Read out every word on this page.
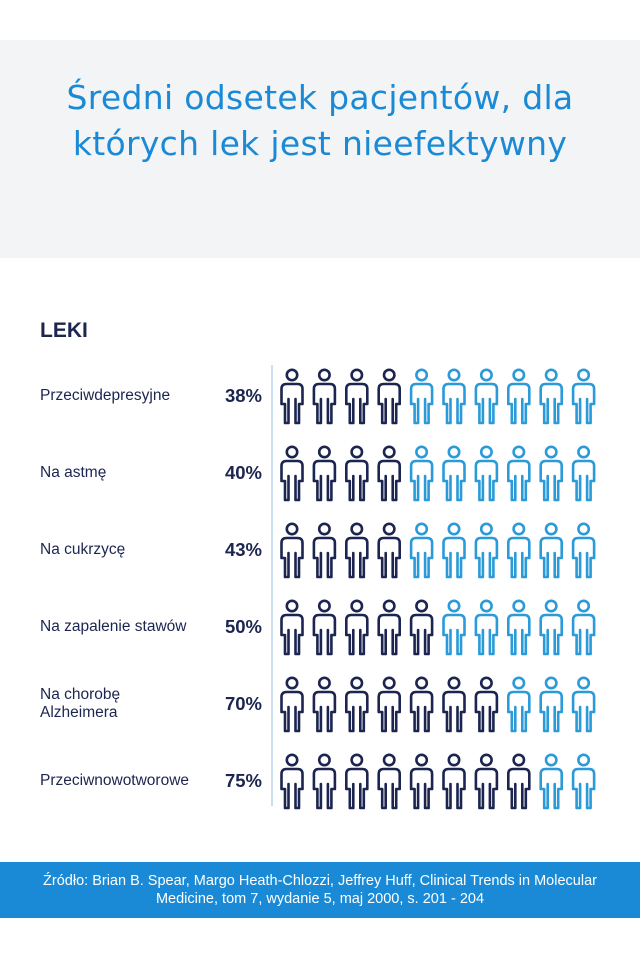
Średni odsetek pacjentów, dla których lek jest nieefektywny
LEKI
Przeciwdepresyjne	38%
Na astmę	40%
Na cukrzycę	43%
Na zapalenie stawów 50%
Na chorobę
Alzheimera	70%
Przeciwnowotworowe 75%
Źródło: Brian B. Spear, Margo Heath-Chlozzi, Jeffrey Huff, Clinical Trends in Molecular Medicine, tom 7, wydanie 5, maj 2000, s. 201 - 204
